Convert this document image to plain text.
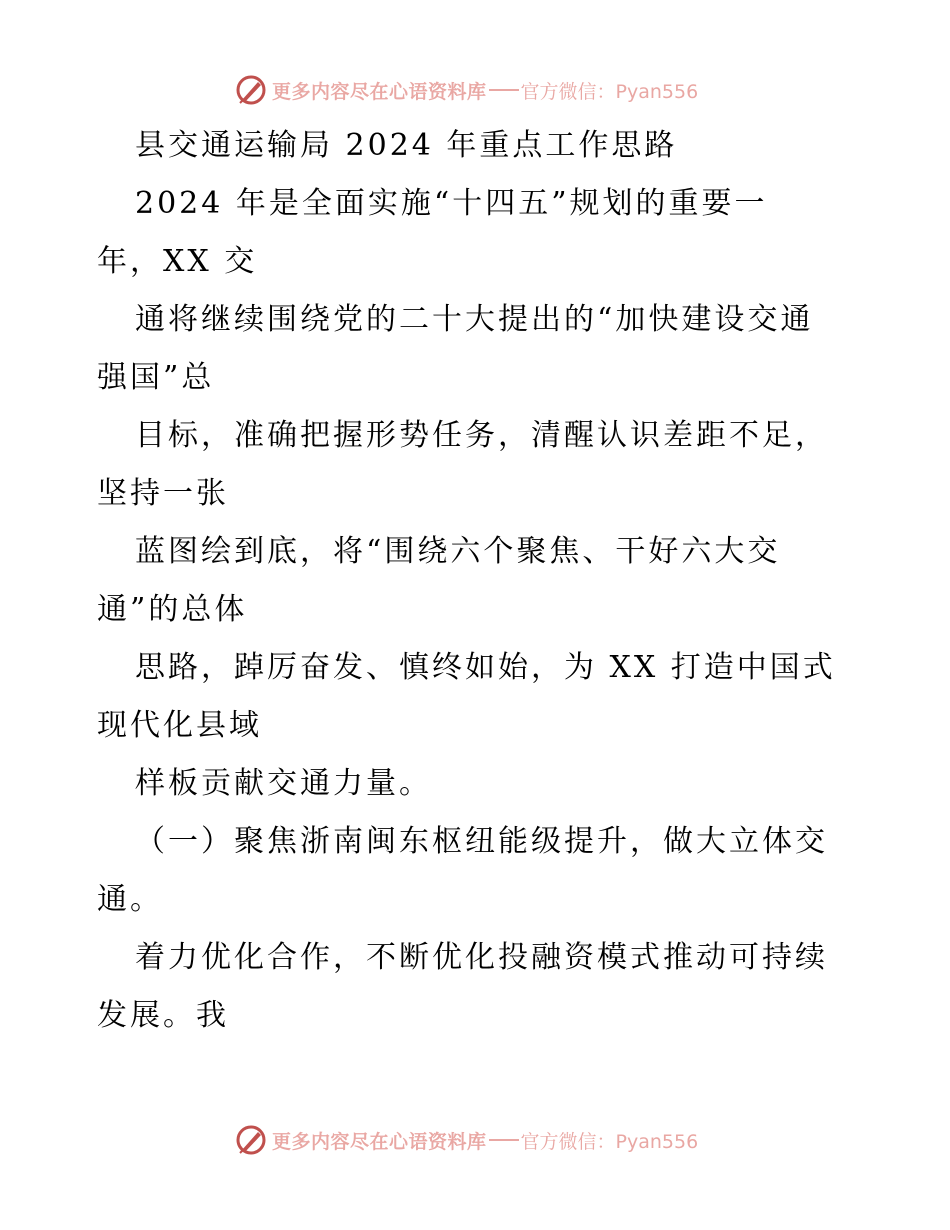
更多内容尽在心语资料库 官方微信：Pyan556
县交通运输局 2024 年重点工作思路
2024 年是全面实施“十四五”规划的重要一
年，XX 交
通将继续围绕党的二十大提出的“加快建设交通
强国”总
目标，准确把握形势任务，清醒认识差距不足，
坚持一张
蓝图绘到底，将“围绕六个聚焦、干好六大交
通”的总体
思路，踔厉奋发、慎终如始，为 XX 打造中国式
现代化县域
样板贡献交通力量。
（一）聚焦浙南闽东枢纽能级提升，做大立体交
通。
着力优化合作，不断优化投融资模式推动可持续
发展。我
更多内容尽在心语资料库 官方微信：Pyan556
